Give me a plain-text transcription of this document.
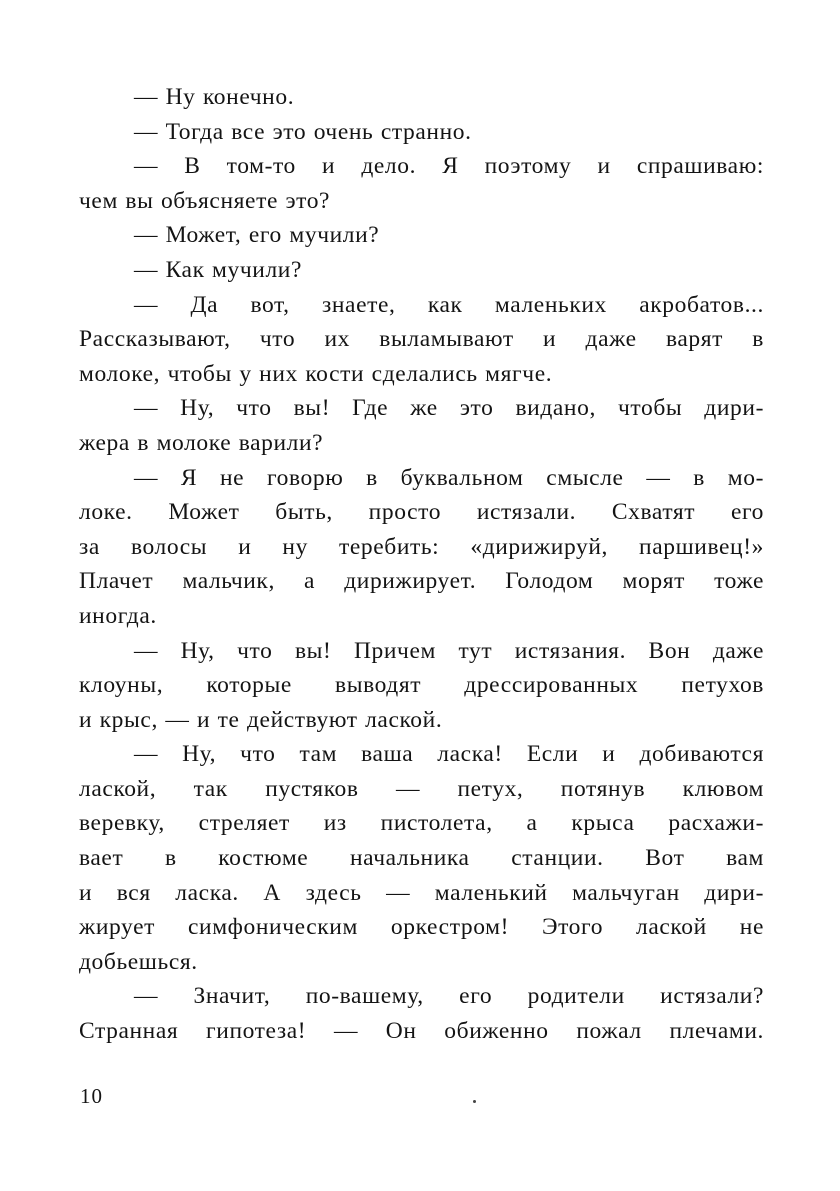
— Ну конечно.

— Тогда все это очень странно.

— В том-то и дело. Я поэтому и спрашиваю:
чем вы объясняете это?

— Может, его мучили?

— Как мучили?

— Да вот, знаете, как маленьких акробатов...
Рассказывают, что их выламывают и даже варят в
молоке, чтобы у них кости сделались мягче.

— Ну, что вы! Где же это видано, чтобы дири-
жера в молоке варили?

— Я не говорю в буквальном смысле — в мо-
локе. Может быть, просто истязали. Схватят его
за волосы и ну теребить: «дирижируй, паршивец!»
Плачет мальчик, а дирижирует. Голодом морят тоже
иногда.

— Ну, что вы! Причем тут истязания. Вон даже
клоуны, которые выводят дрессированных петухов
и крыс, — и те действуют лаской.

— Ну, что там ваша ласка! Если и добиваются
лаской, так пустяков — петух, потянув клювом
веревку, стреляет из пистолета, а крыса расхажи-
вает в костюме начальника станции. Вот вам
и вся ласка. А здесь — маленький мальчуган дири-
жирует симфоническим оркестром! Этого лаской не
добьешься.

— Значит, по-вашему, его родители истязали?
Странная гипотеза! — Он обиженно пожал плечами.

10
